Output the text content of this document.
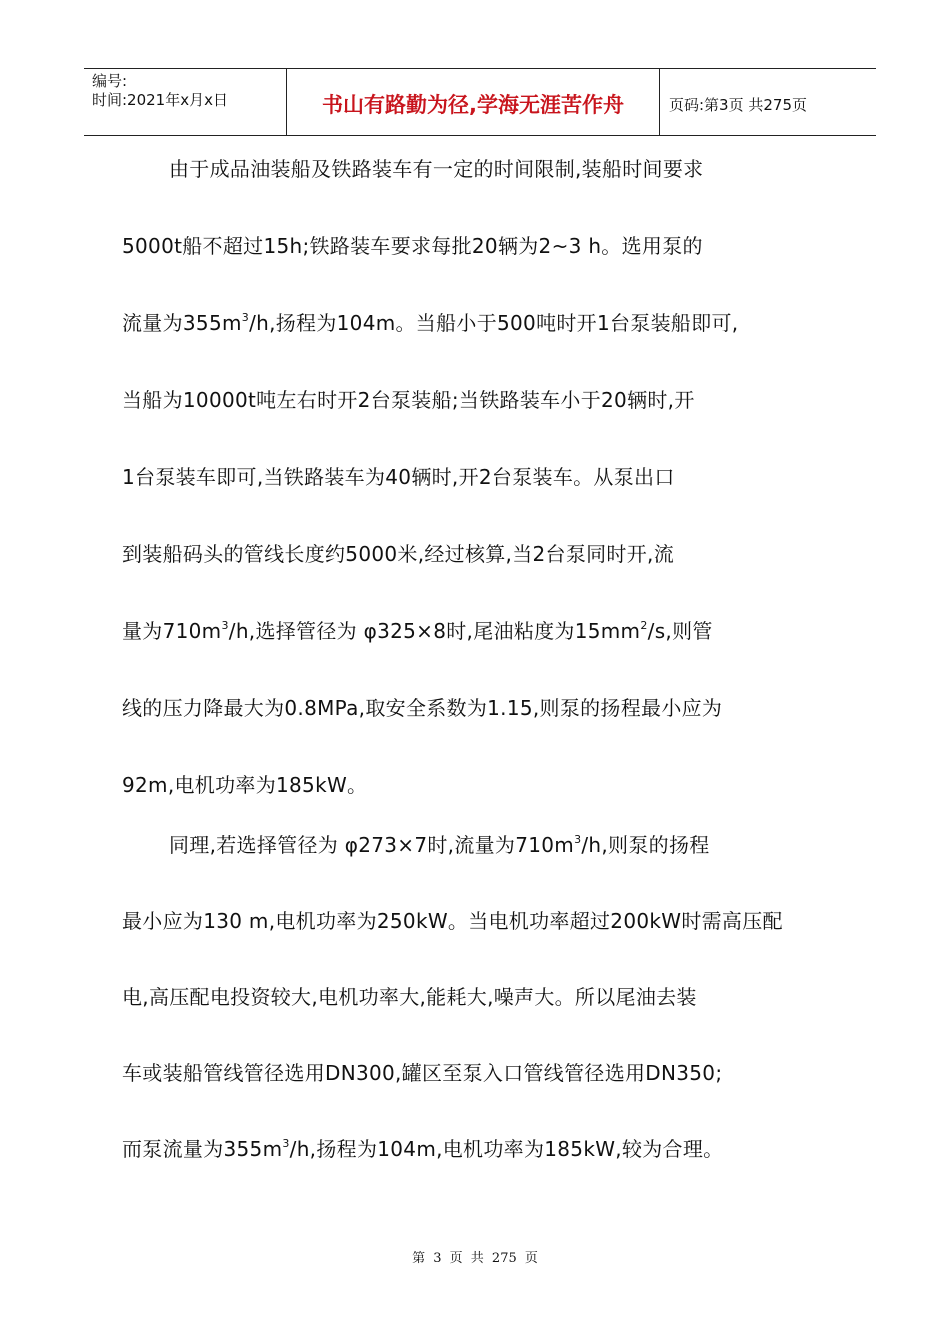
编号:
时间:2021年x月x日	书山有路勤为径,学海无涯苦作舟	页码:第3页 共275页
由于成品油装船及铁路装车有一定的时间限制,装船时间要求
5000t船不超过15h;铁路装车要求每批20辆为2~3 h。选用泵的
流量为$355m^3/h$,扬程为104m。当船小于500吨时开1台泵装船即可,
当船为10000t吨左右时开2台泵装船;当铁路装车小于20辆时,开
1台泵装车即可,当铁路装车为40辆时,开2台泵装车。从泵出口
到装船码头的管线长度约5000米,经过核算,当2台泵同时开,流
量为$710m^3/h$,选择管径为 φ325×8时,尾油粘度为$15mm^2/s$,则管
线的压力降最大为0.8MPa,取安全系数为1.15,则泵的扬程最小应为
92m,电机功率为185kW。
同理,若选择管径为 φ273×7时,流量为$710m^3/h$,则泵的扬程
最小应为130 m,电机功率为250kW。当电机功率超过200kW时需高压配
电,高压配电投资较大,电机功率大,能耗大,噪声大。所以尾油去装
车或装船管线管径选用DN300,罐区至泵入口管线管径选用DN350;
而泵流量为$355m^3/h$,扬程为104m,电机功率为185kW,较为合理。
第 3 页 共 275 页
